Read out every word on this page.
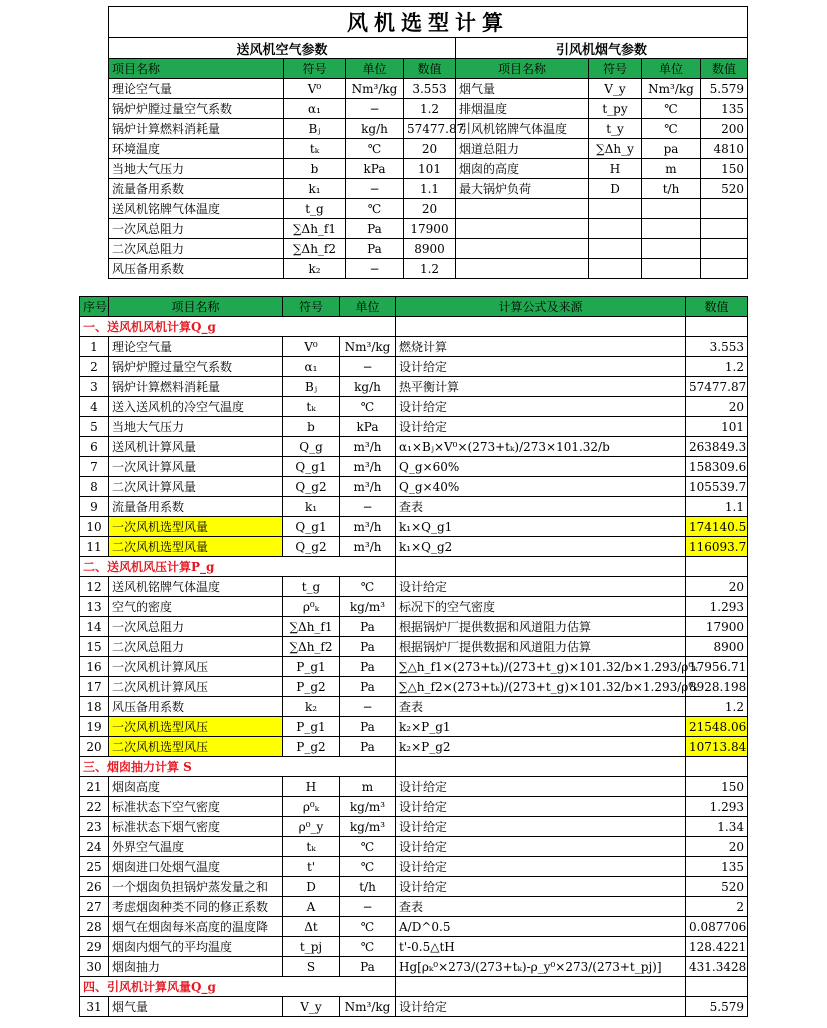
风机选型计算							
送风机空气参数				引风机烟气参数			
项目名称	符号	单位	数值	项目名称	符号	单位	数值
理论空气量	V⁰	Nm³/kg	3.553	烟气量	V_y	Nm³/kg	5.579
锅炉炉膛过量空气系数	α₁	−	1.2	排烟温度	t_py	℃	135
锅炉计算燃料消耗量	Bⱼ	kg/h	57477.87	引风机铭牌气体温度	t_y	℃	200
环境温度	tₖ	℃	20	烟道总阻力	∑Δh_y	pa	4810
当地大气压力	b	kPa	101	烟囱的高度	H	m	150
流量备用系数	k₁	−	1.1	最大锅炉负荷	D	t/h	520
送风机铭牌气体温度	t_g	℃	20				
一次风总阻力	∑Δh_f1	Pa	17900				
二次风总阻力	∑Δh_f2	Pa	8900				
风压备用系数	k₂	−	1.2				
序号	项目名称	符号	单位	计算公式及来源	数值
一、送风机风机计算Q_g					
1	理论空气量	V⁰	Nm³/kg	燃烧计算	3.553
2	锅炉炉膛过量空气系数	α₁	−	设计给定	1.2
3	锅炉计算燃料消耗量	Bⱼ	kg/h	热平衡计算	57477.87
4	送入送风机的冷空气温度	tₖ	℃	设计给定	20
5	当地大气压力	b	kPa	设计给定	101
6	送风机计算风量	Q_g	m³/h	α₁×Bⱼ×V⁰×(273+tₖ)/273×101.32/b	263849.3
7	一次风计算风量	Q_g1	m³/h	Q_g×60%	158309.6
8	二次风计算风量	Q_g2	m³/h	Q_g×40%	105539.7
9	流量备用系数	k₁	−	查表	1.1
10	一次风机选型风量	Q_g1	m³/h	k₁×Q_g1	174140.5
11	二次风机选型风量	Q_g2	m³/h	k₁×Q_g2	116093.7
二、送风机风压计算P_g					
12	送风机铭牌气体温度	t_g	℃	设计给定	20
13	空气的密度	ρ⁰ₖ	kg/m³	标况下的空气密度	1.293
14	一次风总阻力	∑Δh_f1	Pa	根据锅炉厂提供数据和风道阻力估算	17900
15	二次风总阻力	∑Δh_f2	Pa	根据锅炉厂提供数据和风道阻力估算	8900
16	一次风机计算风压	P_g1	Pa	∑△h_f1×(273+tₖ)/(273+t_g)×101.32/b×1.293/ρ⁰ₖ	17956.71
17	二次风机计算风压	P_g2	Pa	∑△h_f2×(273+tₖ)/(273+t_g)×101.32/b×1.293/ρ⁰ₖ	8928.198
18	风压备用系数	k₂	−	查表	1.2
19	一次风机选型风压	P_g1	Pa	k₂×P_g1	21548.06
20	二次风机选型风压	P_g2	Pa	k₂×P_g2	10713.84
三、烟囱抽力计算 S					
21	烟囱高度	H	m	设计给定	150
22	标准状态下空气密度	ρ⁰ₖ	kg/m³	设计给定	1.293
23	标准状态下烟气密度	ρ⁰_y	kg/m³	设计给定	1.34
24	外界空气温度	tₖ	℃	设计给定	20
25	烟囱进口处烟气温度	t'	℃	设计给定	135
26	一个烟囱负担锅炉蒸发量之和	D	t/h	设计给定	520
27	考虑烟囱种类不同的修正系数	A	−	查表	2
28	烟气在烟囱每米高度的温度降	Δt	℃	A/D^0.5	0.087706
29	烟囱内烟气的平均温度	t_pj	℃	t'-0.5△tH	128.4221
30	烟囱抽力	S	Pa	Hg[ρₖ⁰×273/(273+tₖ)-ρ_y⁰×273/(273+t_pj)]	431.3428
四、引风机计算风量Q_g					
31	烟气量	V_y	Nm³/kg	设计给定	5.579
